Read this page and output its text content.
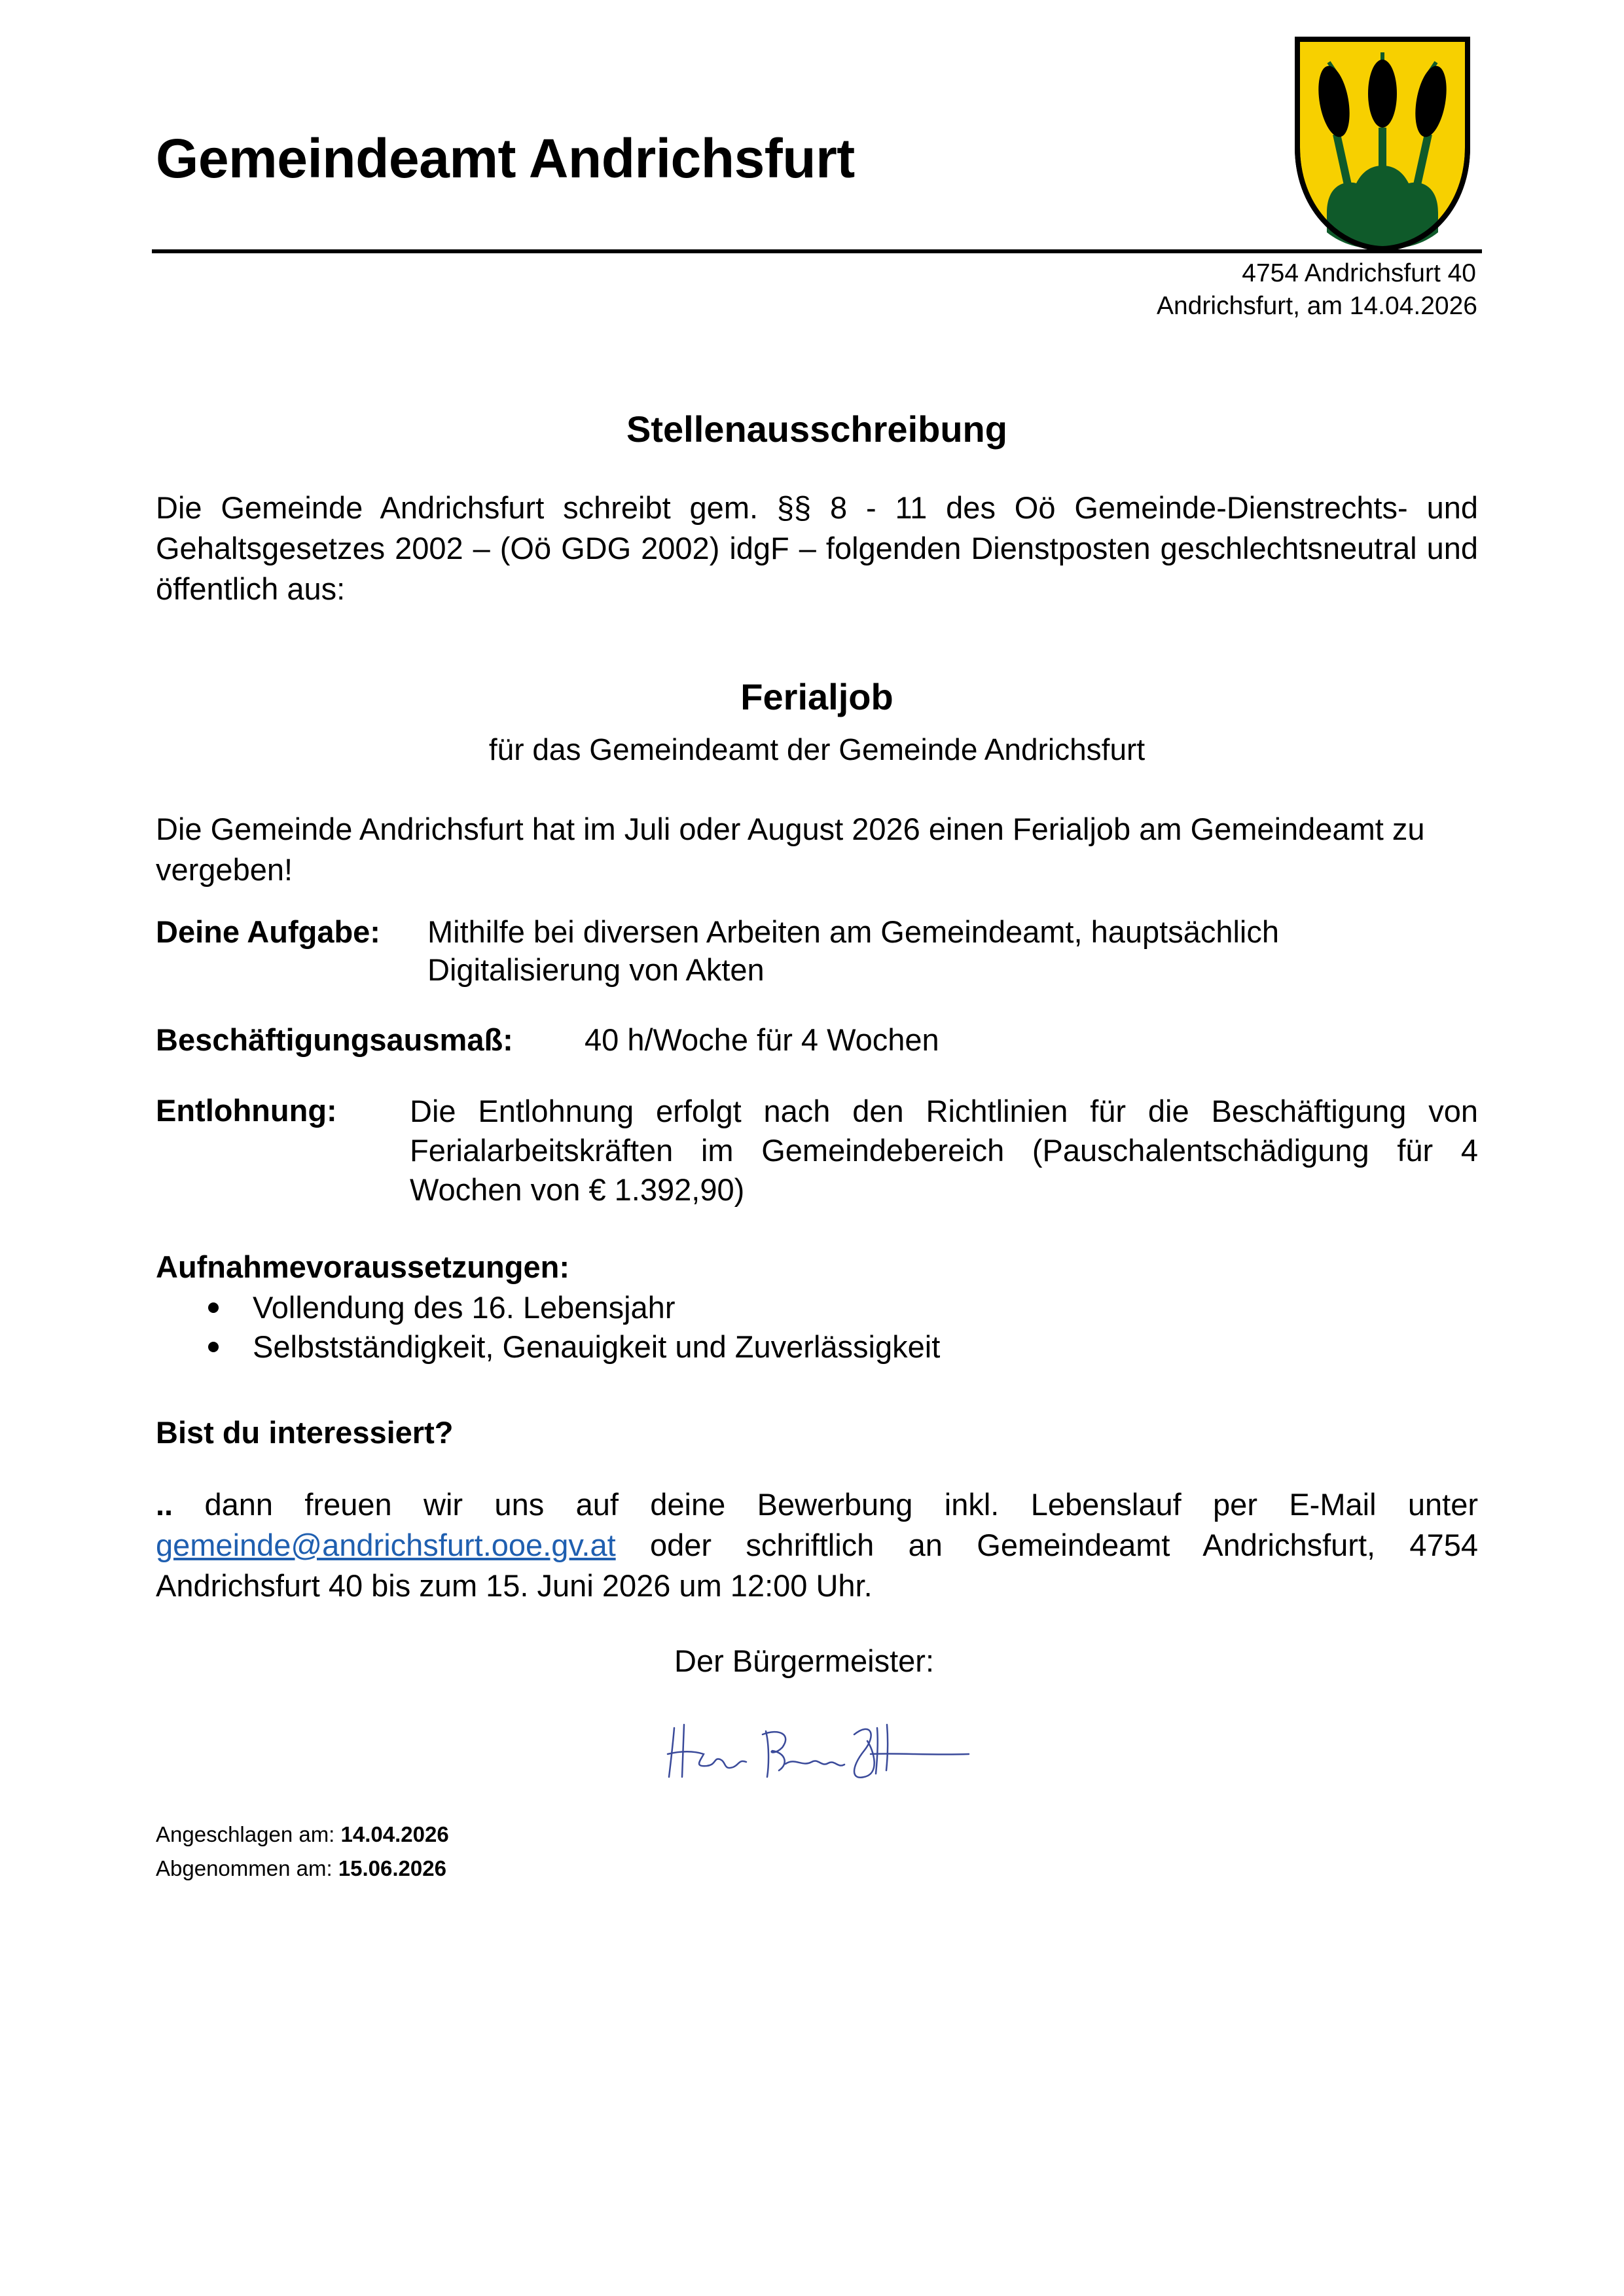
Gemeindeamt Andrichsfurt
4754 Andrichsfurt 40
Andrichsfurt, am 14.04.2026
Stellenausschreibung
Die Gemeinde Andrichsfurt schreibt gem. §§ 8 - 11 des Oö Gemeinde-Dienstrechts- und Gehaltsgesetzes 2002 – (Oö GDG 2002) idgF – folgenden Dienstposten geschlechtsneutral und öffentlich aus:
Ferialjob
für das Gemeindeamt der Gemeinde Andrichsfurt
Die Gemeinde Andrichsfurt hat im Juli oder August 2026 einen Ferialjob am Gemeindeamt zu vergeben!
Deine Aufgabe: Mithilfe bei diversen Arbeiten am Gemeindeamt, hauptsächlich Digitalisierung von Akten
Beschäftigungsausmaß: 40 h/Woche für 4 Wochen
Entlohnung: Die Entlohnung erfolgt nach den Richtlinien für die Beschäftigung von Ferialarbeitskräften im Gemeindebereich (Pauschalentschädigung für 4 Wochen von € 1.392,90)
Aufnahmevoraussetzungen:
Vollendung des 16. Lebensjahr
Selbstständigkeit, Genauigkeit und Zuverlässigkeit
Bist du interessiert?
.. dann freuen wir uns auf deine Bewerbung inkl. Lebenslauf per E-Mail unter gemeinde@andrichsfurt.ooe.gv.at oder schriftlich an Gemeindeamt Andrichsfurt, 4754 Andrichsfurt 40 bis zum 15. Juni 2026 um 12:00 Uhr.
Der Bürgermeister:
Angeschlagen am: 14.04.2026
Abgenommen am: 15.06.2026
